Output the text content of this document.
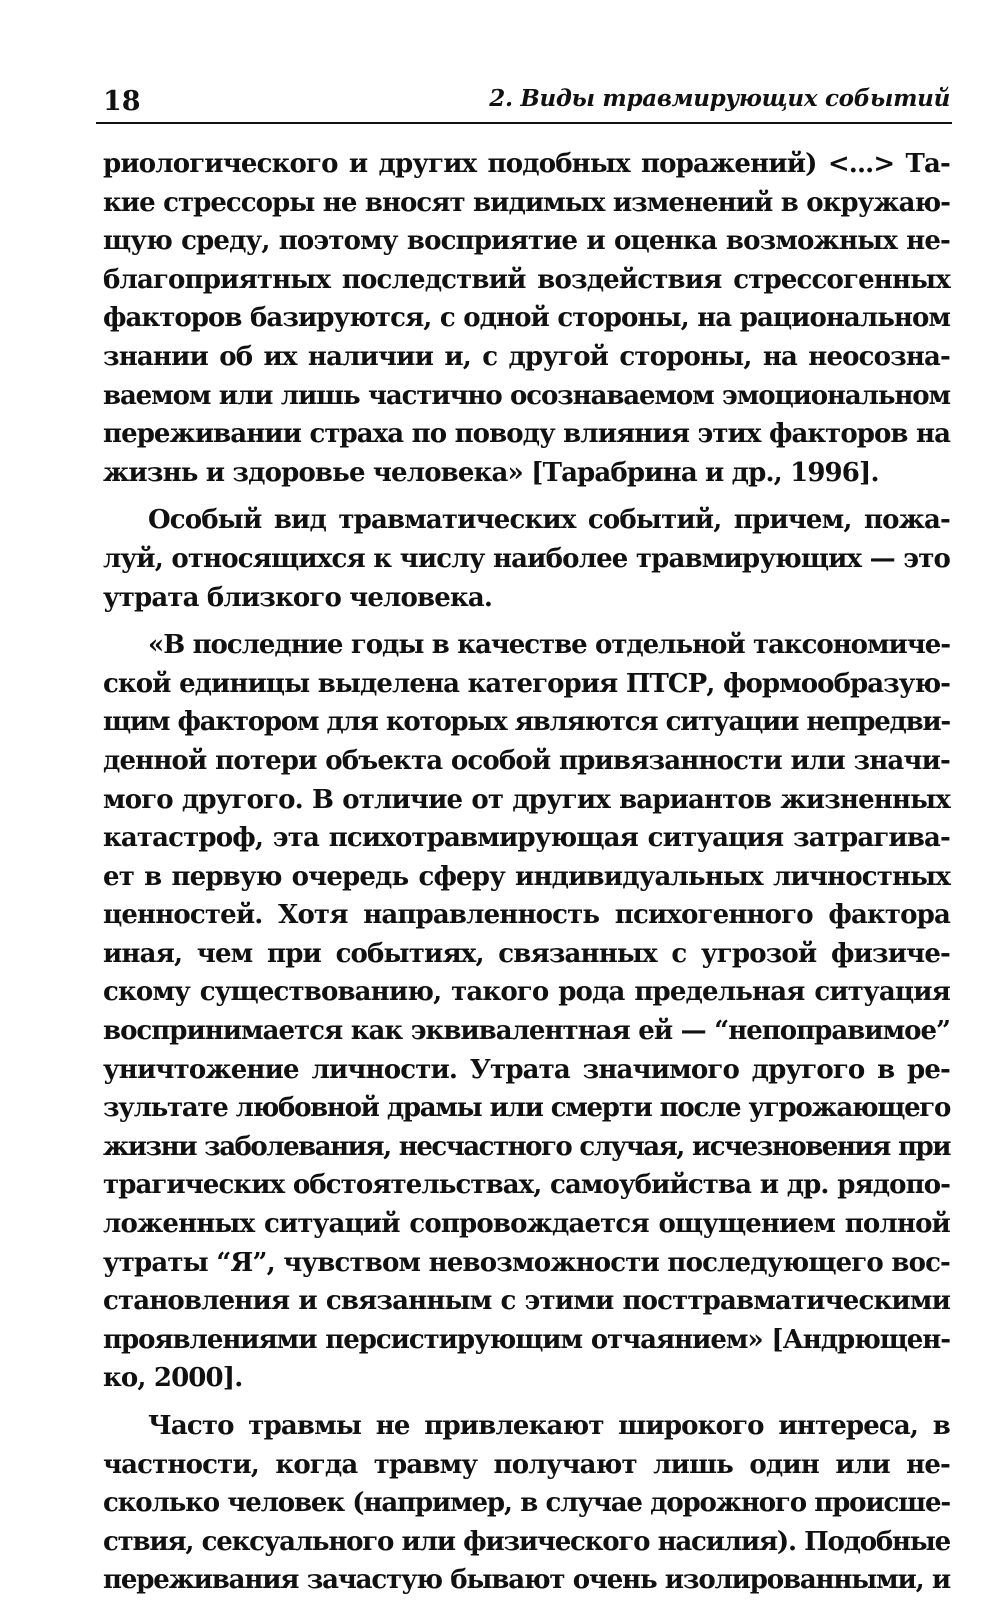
18	2. Виды травмирующих событий
риологического и других подобных поражений) <...> Та-
кие стрессоры не вносят видимых изменений в окружаю-
щую среду, поэтому восприятие и оценка возможных не-
благоприятных последствий воздействия стрессогенных
факторов базируются, с одной стороны, на рациональном
знании об их наличии и, с другой стороны, на неосозна-
ваемом или лишь частично осознаваемом эмоциональном
переживании страха по поводу влияния этих факторов на
жизнь и здоровье человека» [Тарабрина и др., 1996].
Особый вид травматических событий, причем, пожа-
луй, относящихся к числу наиболее травмирующих — это
утрата близкого человека.
«В последние годы в качестве отдельной таксономиче-
ской единицы выделена категория ПТСР, формообразую-
щим фактором для которых являются ситуации непредви-
денной потери объекта особой привязанности или значи-
мого другого. В отличие от других вариантов жизненных
катастроф, эта психотравмирующая ситуация затрагива-
ет в первую очередь сферу индивидуальных личностных
ценностей. Хотя направленность психогенного фактора
иная, чем при событиях, связанных с угрозой физиче-
скому существованию, такого рода предельная ситуация
воспринимается как эквивалентная ей — “непоправимое”
уничтожение личности. Утрата значимого другого в ре-
зультате любовной драмы или смерти после угрожающего
жизни заболевания, несчастного случая, исчезновения при
трагических обстоятельствах, самоубийства и др. рядопо-
ложенных ситуаций сопровождается ощущением полной
утраты “Я”, чувством невозможности последующего вос-
становления и связанным с этими посттравматическими
проявлениями персистирующим отчаянием» [Андрющен-
ко, 2000].
Часто травмы не привлекают широкого интереса, в
частности, когда травму получают лишь один или не-
сколько человек (например, в случае дорожного происше-
ствия, сексуального или физического насилия). Подобные
переживания зачастую бывают очень изолированными, и
